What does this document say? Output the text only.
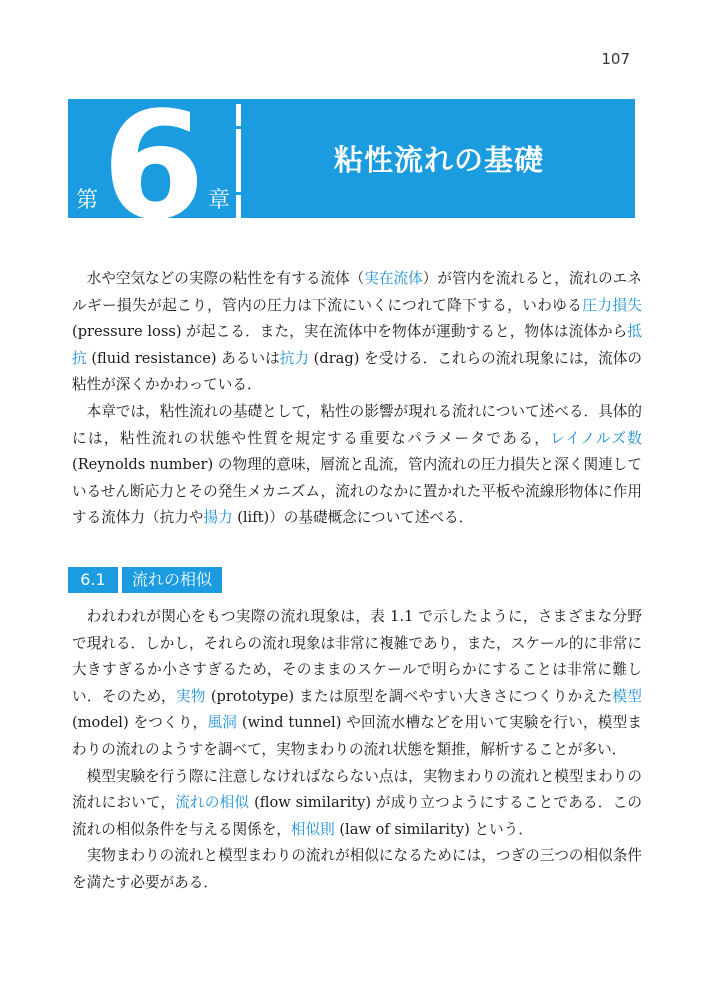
107
第 6 章
粘性流れの基礎

水や空気などの実際の粘性を有する流体（実在流体）が管内を流れると，流れのエネルギー損失が起こり，管内の圧力は下流にいくにつれて降下する，いわゆる圧力損失 (pressure loss) が起こる．また，実在流体中を物体が運動すると，物体は流体から抵抗 (fluid resistance) あるいは抗力 (drag) を受ける．これらの流れ現象には，流体の粘性が深くかかわっている．

本章では，粘性流れの基礎として，粘性の影響が現れる流れについて述べる．具体的には，粘性流れの状態や性質を規定する重要なパラメータである，レイノルズ数 (Reynolds number) の物理的意味，層流と乱流，管内流れの圧力損失と深く関連しているせん断応力とその発生メカニズム，流れのなかに置かれた平板や流線形物体に作用する流体力（抗力や揚力 (lift)）の基礎概念について述べる．

6.1	流れの相似

われわれが関心をもつ実際の流れ現象は，表 1.1 で示したように，さまざまな分野で現れる．しかし，それらの流れ現象は非常に複雑であり，また，スケール的に非常に大きすぎるか小さすぎるため，そのままのスケールで明らかにすることは非常に難しい．そのため，実物 (prototype) または原型を調べやすい大きさにつくりかえた模型 (model) をつくり，風洞 (wind tunnel) や回流水槽などを用いて実験を行い，模型まわりの流れのようすを調べて，実物まわりの流れ状態を類推，解析することが多い．

模型実験を行う際に注意しなければならない点は，実物まわりの流れと模型まわりの流れにおいて，流れの相似 (flow similarity) が成り立つようにすることである．この流れの相似条件を与える関係を，相似則 (law of similarity) という．

実物まわりの流れと模型まわりの流れが相似になるためには，つぎの三つの相似条件を満たす必要がある．
